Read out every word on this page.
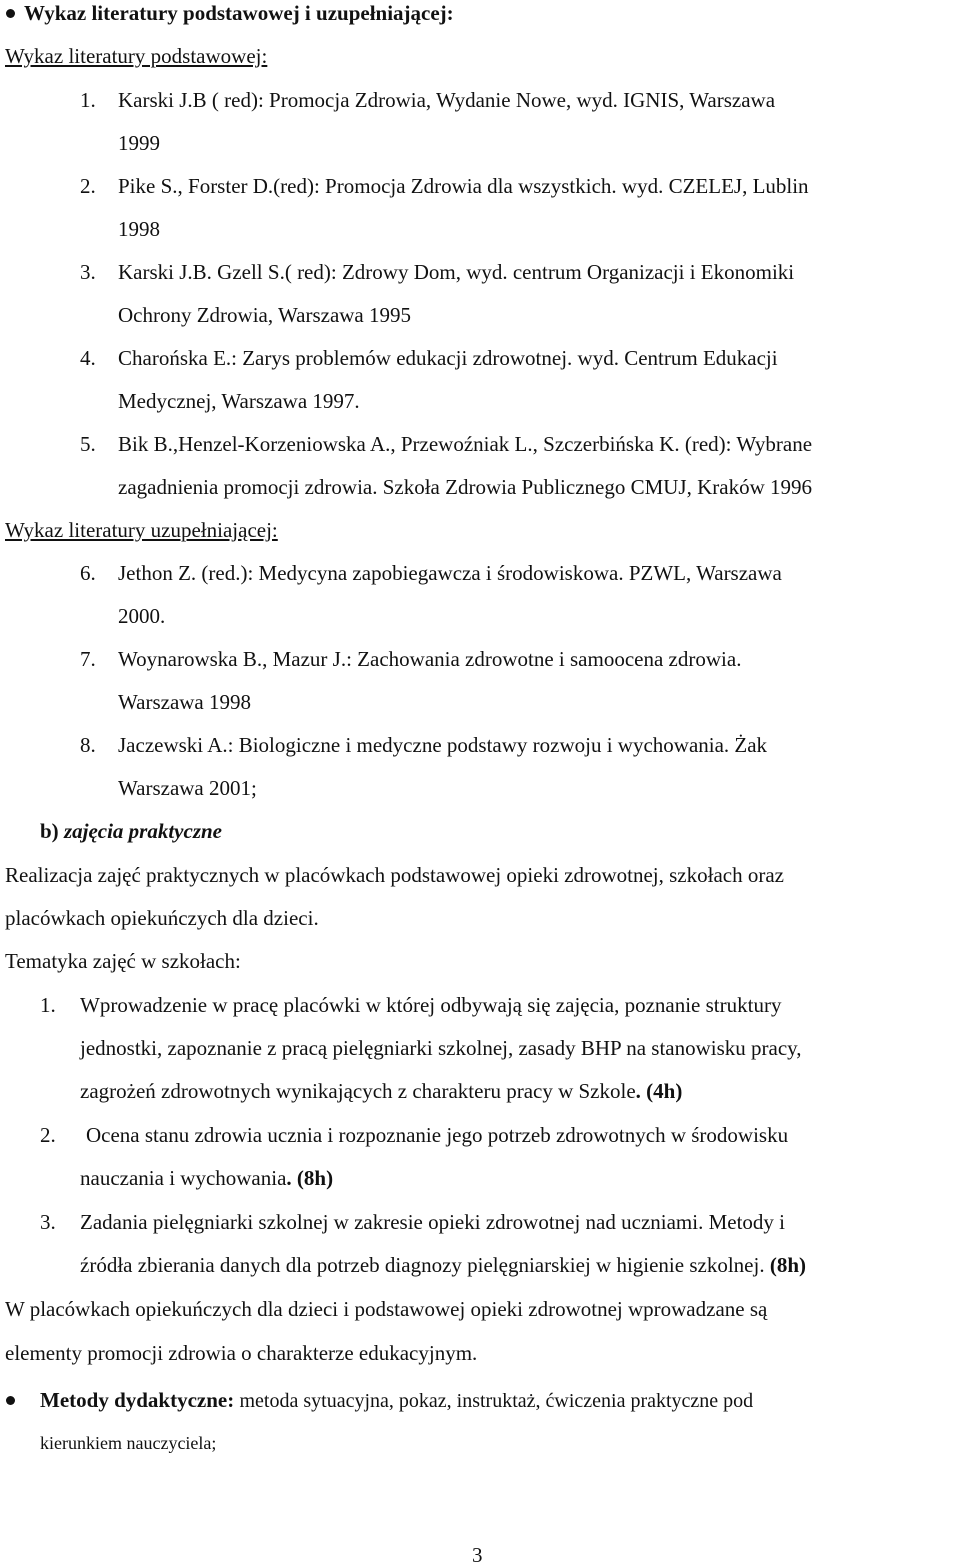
Wykaz literatury podstawowej i uzupełniającej:
Wykaz literatury podstawowej:
1. Karski J.B ( red): Promocja Zdrowia, Wydanie Nowe, wyd. IGNIS, Warszawa
1999
2. Pike S., Forster D.(red): Promocja Zdrowia dla wszystkich. wyd. CZELEJ, Lublin
1998
3. Karski J.B. Gzell S.( red): Zdrowy Dom, wyd. centrum Organizacji i Ekonomiki
Ochrony Zdrowia, Warszawa 1995
4. Charońska E.: Zarys problemów edukacji zdrowotnej. wyd. Centrum Edukacji
Medycznej, Warszawa 1997.
5. Bik B.,Henzel-Korzeniowska A., Przewoźniak L., Szczerbińska K. (red): Wybrane
zagadnienia promocji zdrowia. Szkoła Zdrowia Publicznego CMUJ, Kraków 1996
Wykaz literatury uzupełniającej:
6. Jethon Z. (red.): Medycyna zapobiegawcza i środowiskowa. PZWL, Warszawa
2000.
7. Woynarowska B., Mazur J.: Zachowania zdrowotne i samoocena zdrowia.
Warszawa 1998
8. Jaczewski A.: Biologiczne i medyczne podstawy rozwoju i wychowania. Żak
Warszawa 2001;
b) zajęcia praktyczne
Realizacja zajęć praktycznych w placówkach podstawowej opieki zdrowotnej, szkołach oraz
placówkach opiekuńczych dla dzieci.
Tematyka zajęć w szkołach:
1. Wprowadzenie w pracę placówki w której odbywają się zajęcia, poznanie struktury
jednostki, zapoznanie z pracą pielęgniarki szkolnej, zasady BHP na stanowisku pracy,
zagrożeń zdrowotnych wynikających z charakteru pracy w Szkole. (4h)
2. Ocena stanu zdrowia ucznia i rozpoznanie jego potrzeb zdrowotnych w środowisku
nauczania i wychowania. (8h)
3. Zadania pielęgniarki szkolnej w zakresie opieki zdrowotnej nad uczniami. Metody i
źródła zbierania danych dla potrzeb diagnozy pielęgniarskiej w higienie szkolnej. (8h)
W placówkach opiekuńczych dla dzieci i podstawowej opieki zdrowotnej wprowadzane są
elementy promocji zdrowia o charakterze edukacyjnym.
Metody dydaktyczne: metoda sytuacyjna, pokaz, instruktaż, ćwiczenia praktyczne pod
kierunkiem nauczyciela;
3
